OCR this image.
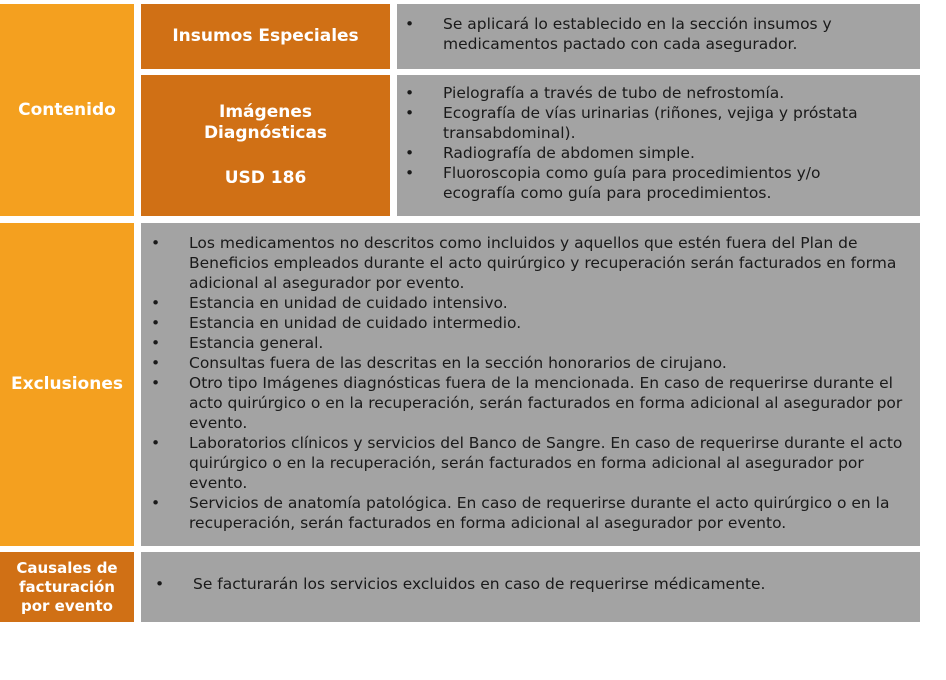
Contenido
Insumos Especiales
• Se aplicará lo establecido en la sección insumos y medicamentos pactado con cada asegurador.
Imágenes
Diagnósticas
USD 186
• Pielografía a través de tubo de nefrostomía.
• Ecografía de vías urinarias (riñones, vejiga y próstata transabdominal).
• Radiografía de abdomen simple.
• Fluoroscopia como guía para procedimientos y/o ecografía como guía para procedimientos.
Exclusiones
• Los medicamentos no descritos como incluidos y aquellos que estén fuera del Plan de Beneficios empleados durante el acto quirúrgico y recuperación serán facturados en forma adicional al asegurador por evento.
• Estancia en unidad de cuidado intensivo.
• Estancia en unidad de cuidado intermedio.
• Estancia general.
• Consultas fuera de las descritas en la sección honorarios de cirujano.
• Otro tipo Imágenes diagnósticas fuera de la mencionada. En caso de requerirse durante el acto quirúrgico o en la recuperación, serán facturados en forma adicional al asegurador por evento.
• Laboratorios clínicos y servicios del Banco de Sangre. En caso de requerirse durante el acto quirúrgico o en la recuperación, serán facturados en forma adicional al asegurador por evento.
• Servicios de anatomía patológica. En caso de requerirse durante el acto quirúrgico o en la recuperación, serán facturados en forma adicional al asegurador por evento.
Causales de
facturación
por evento
• Se facturarán los servicios excluidos en caso de requerirse médicamente.
